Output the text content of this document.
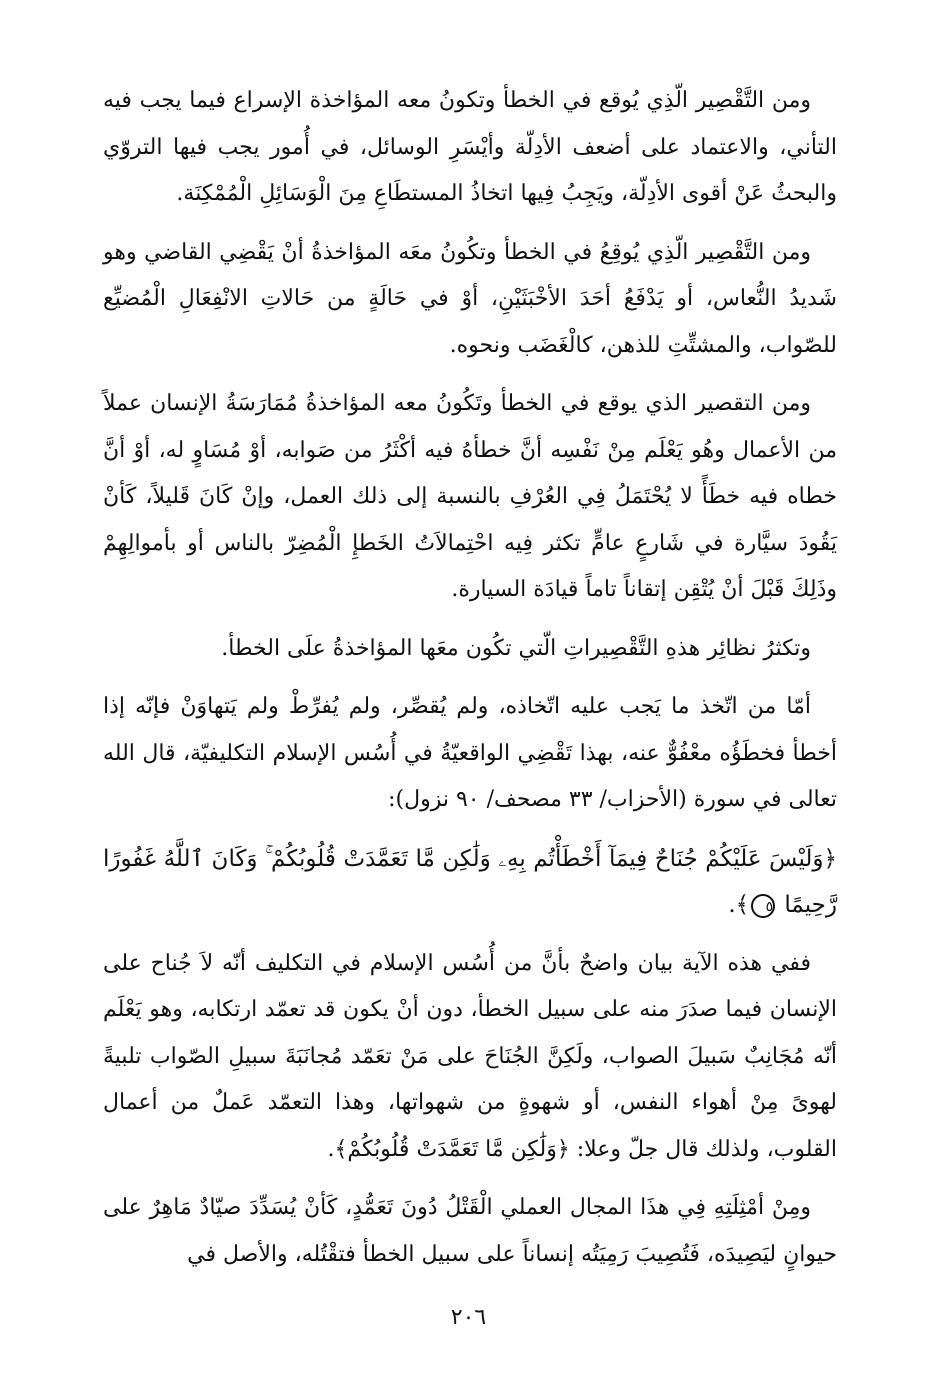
ومن التَّقْصِير الّذِي يُوقع في الخطأ وتكونُ معه المؤاخذة الإسراع فيما يجب فيه التأني، والاعتماد على أضعف الأدِلّة وأيْسَرِ الوسائل، في أُمور يجب فيها التروّي والبحثُ عَنْ أقوى الأدِلّة، ويَجِبُ فِيها اتخاذُ المستطَاعِ مِنَ الْوَسَائِلِ الْمُمْكِنَة.

ومن التَّقْصِير الّذِي يُوقِعُ في الخطأ وتكُونُ معَه المؤاخذةُ أنْ يَقْضِي القاضي وهو شَديدُ النُّعاس، أو يَدْفَعُ أحَدَ الأخْبَثَيْنِ، أوْ في حَالَةٍ من حَالاتِ الانْفِعَالِ الْمُضيِّع للصّواب، والمشتِّتِ للذهن، كالْغَضَب ونحوه.

ومن التقصير الذي يوقع في الخطأ وتَكُونُ معه المؤاخذةُ مُمَارَسَةُ الإنسان عملاً من الأعمال وهُو يَعْلَم مِنْ نَفْسِه أنَّ خطأهُ فيه أكْثَرُ من صَوابه، أوْ مُسَاوٍ له، أوْ أنَّ خطاه فيه خطَأً لا يُحْتَمَلُ فِي العُرْفِ بالنسبة إلى ذلك العمل، وإنْ كَانَ قَليلاً، كَأنْ يَقُودَ سيَّارة في شَارعٍ عامٍّ تكثر فِيه احْتِمالاَتُ الخَطإِ الْمُضِرّ بالناس أو بأموالِهِمْ وذَلِكَ قَبْلَ أنْ يُتْقِن إتقاناً تاماً قيادَة السيارة.

وتكثرُ نظائِر هذهِ التَّقْصِيراتِ الّتي تكُون معَها المؤاخذةُ علَى الخطأ.

أمّا من اتّخذ ما يَجب عليه اتّخاذه، ولم يُقصِّر، ولم يُفرِّطْ ولم يَتهاوَنْ فإنّه إذا أخطأ فخطَؤُه معْفُوٌّ عنه، بهذا تَقْضِي الواقعيّةُ في أُسُس الإسلام التكليفيّة، قال الله تعالى في سورة (الأحزاب/ ٣٣ مصحف/ ٩٠ نزول):

﴿وَلَيْسَ عَلَيْكُمْ جُنَاحٌ فِيمَآ أَخْطَأْتُم بِهِۦ وَلَٰكِن مَّا تَعَمَّدَتْ قُلُوبُكُمْ ۚ وَكَانَ ٱللَّهُ غَفُورًا رَّحِيمًا ٥﴾.

ففي هذه الآية بيان واضحٌ بأنَّ من أُسُس الإسلام في التكليف أنّه لاَ جُناح على الإنسان فيما صدَرَ منه على سبيل الخطأ، دون أنْ يكون قد تعمّد ارتكابه، وهو يَعْلَم أنّه مُجَانِبٌ سَبيلَ الصواب، ولَكِنَّ الجُنَاحَ على مَنْ تعَمّد مُجانَبَةَ سبيلِ الصّواب تلبيةً لهوىً مِنْ أهواء النفس، أو شهوةٍ من شهواتها، وهذا التعمّد عَملٌ من أعمال القلوب، ولذلك قال جلّ وعلا: ﴿وَلَٰكِن مَّا تَعَمَّدَتْ قُلُوبُكُمْ﴾.

ومِنْ أمْثِلَتِهِ فِي هذَا المجال العملي الْقَتْلُ دُونَ تَعَمُّدٍ، كَأنْ يُسَدِّدَ صيّادٌ مَاهِرٌ على حيوانٍ ليَصِيدَه، فَتُصِيبَ رَمِيَتُه إنساناً على سبيل الخطأ فتقْتُله، والأصل في

٢٠٦
